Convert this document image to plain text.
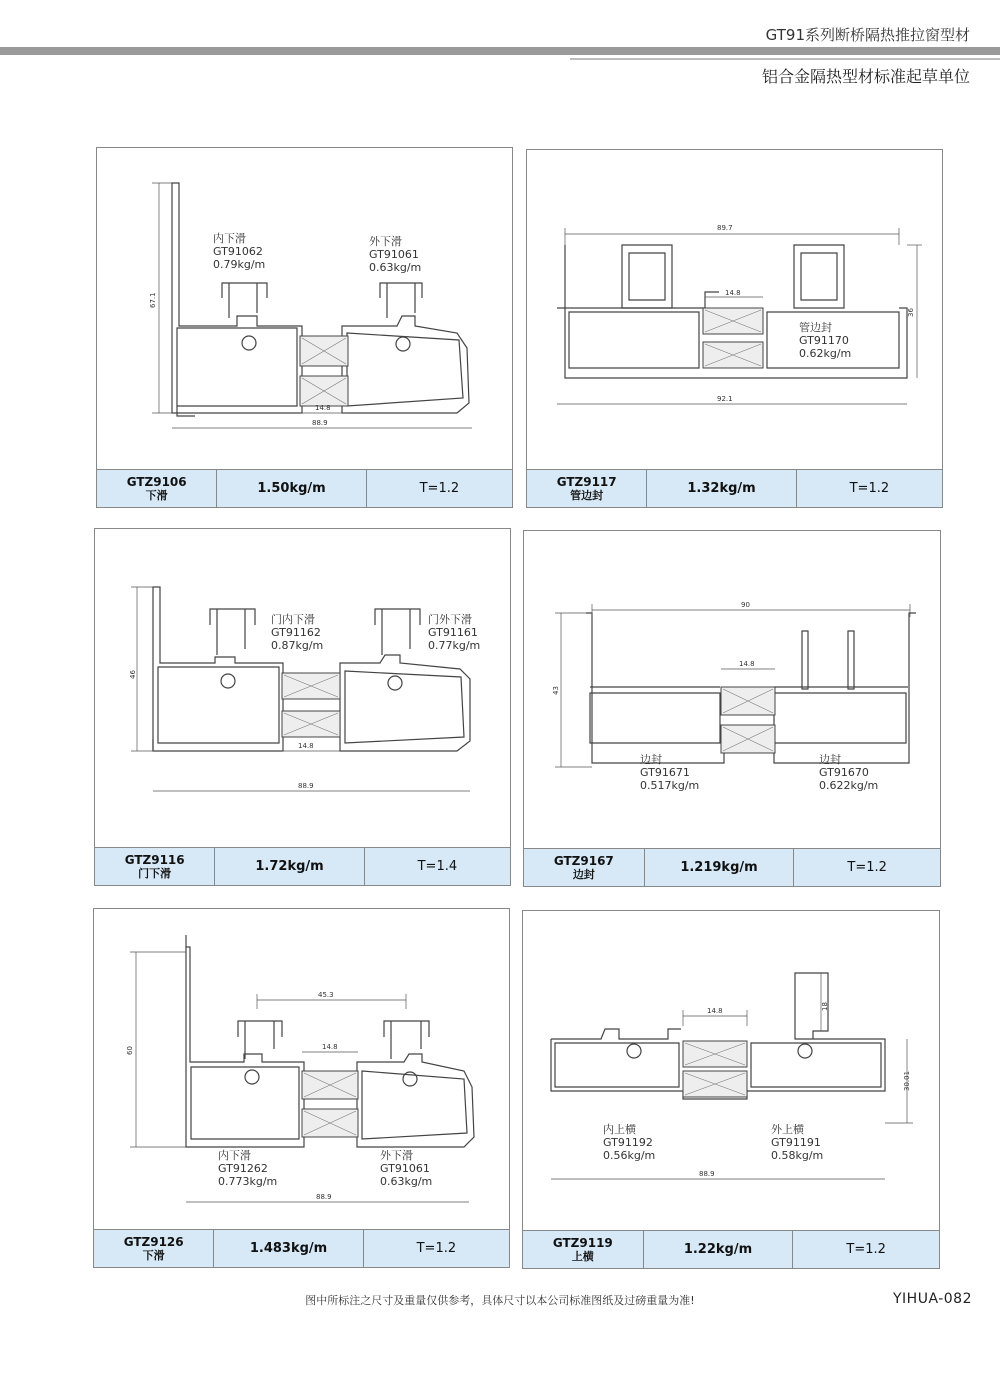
GT91系列断桥隔热推拉窗型材
铝合金隔热型材标准起草单位
67.1
14.8
88.9
内下滑
GT91062
0.79kg/m
外下滑
GT91061
0.63kg/m
GTZ9106
下滑	1.50kg/m	T=1.2
89.7
14.8
36
92.1
管边封
GT91170
0.62kg/m
GTZ9117
管边封	1.32kg/m	T=1.2
46
14.8
88.9
门内下滑
GT91162
0.87kg/m
门外下滑
GT91161
0.77kg/m
GTZ9116
门下滑	1.72kg/m	T=1.4
90
14.8
43
边封
GT91671
0.517kg/m
边封
GT91670
0.622kg/m
GTZ9167
边封	1.219kg/m	T=1.2
60
45.3
14.8
88.9
内下滑
GT91262
0.773kg/m
外下滑
GT91061
0.63kg/m
GTZ9126
下滑	1.483kg/m	T=1.2
14.8	18
30.01
88.9
内上横
GT91192
0.56kg/m
外上横
GT91191
0.58kg/m
GTZ9119
上横	1.22kg/m	T=1.2
图中所标注之尺寸及重量仅供参考，具体尺寸以本公司标准图纸及过磅重量为准!	YIHUA-082
